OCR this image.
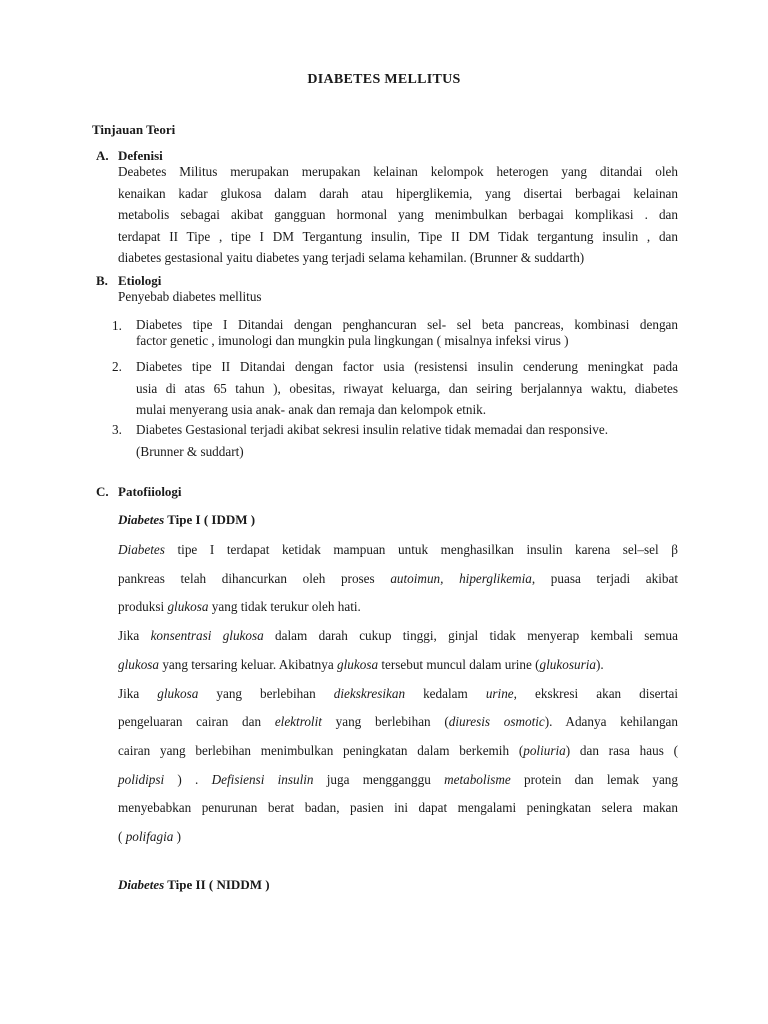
DIABETES MELLITUS
Tinjauan Teori
A. Defenisi
Deabetes Militus merupakan merupakan kelainan kelompok heterogen yang ditandai oleh
kenaikan kadar glukosa dalam darah atau hiperglikemia, yang disertai berbagai kelainan
metabolis sebagai akibat gangguan hormonal yang menimbulkan berbagai komplikasi . dan
terdapat II Tipe , tipe I DM Tergantung insulin, Tipe II DM Tidak tergantung insulin , dan
diabetes gestasional yaitu diabetes yang terjadi selama kehamilan. (Brunner & suddarth)
B. Etiologi
Penyebab diabetes mellitus
1. Diabetes tipe I Ditandai dengan penghancuran sel- sel beta pancreas, kombinasi dengan
factor genetic , imunologi dan mungkin pula lingkungan ( misalnya infeksi virus )
2. Diabetes tipe II Ditandai dengan factor usia (resistensi insulin cenderung meningkat pada
usia di atas 65 tahun ), obesitas, riwayat keluarga, dan seiring berjalannya waktu, diabetes
mulai menyerang usia anak- anak dan remaja dan kelompok etnik.
3. Diabetes Gestasional terjadi akibat sekresi insulin relative tidak memadai dan responsive.
(Brunner & suddart)
C. Patofiiologi
Diabetes Tipe I ( IDDM )
Diabetes tipe I terdapat ketidak mampuan untuk menghasilkan insulin karena sel–sel β
pankreas telah dihancurkan oleh proses autoimun, hiperglikemia, puasa terjadi akibat
produksi glukosa yang tidak terukur oleh hati.
Jika konsentrasi glukosa dalam darah cukup tinggi, ginjal tidak menyerap kembali semua
glukosa yang tersaring keluar. Akibatnya glukosa tersebut muncul dalam urine (glukosuria).
Jika glukosa yang berlebihan diekskresikan kedalam urine, ekskresi akan disertai
pengeluaran cairan dan elektrolit yang berlebihan (diuresis osmotic). Adanya kehilangan
cairan yang berlebihan menimbulkan peningkatan dalam berkemih (poliuria) dan rasa haus (
polidipsi ) . Defisiensi insulin juga mengganggu metabolisme protein dan lemak yang
menyebabkan penurunan berat badan, pasien ini dapat mengalami peningkatan selera makan
( polifagia )
Diabetes Tipe II ( NIDDM )
